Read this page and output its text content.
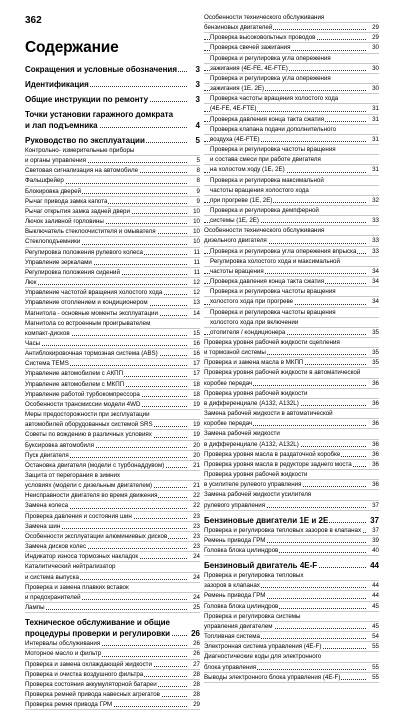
362
Содержание
Сокращения и условные обозначения 3
Идентификация	3
Общие инструкции по ремонту	3
Точки установки гаражного домкрата
и лап подъемника	4
Руководство по эксплуатации	5
Контрольно- измерительные приборы
и органы управления	5
Световая сигнализация на автомобиле	8
Фальшфейер	8
Блокировка дверей	9
Рычаг привода замка капота	9
Рычаг открытия замка задней двери	10
Лючок заливной горловины	10
Выключатель стеклоочистителя и омывателя	10
Стеклоподъемники	10
Регулировка положения рулевого колеса	11
Управление зеркалами	11
Регулировка положения сидений	11
Люк	12
Управление частотой вращения холостого хода	12
Управление отоплением и кондиционером	13
Магнитола - основные моменты эксплуатации	14
Магнитола со встроенным проигрывателем
компакт-дисков	15
Часы	16
Антиблокировочная тормозная система (ABS)	16
Система TEMS	17
Управление автомобилем с АКПП	17
Управление автомобилем с МКПП	18
Управление работой турбокомпрессора	18
Особенности трансмиссии модели 4WD	19
Меры предосторожности при эксплуатации
автомобилей оборудованных системой SRS	19
Советы по вождению в различных условиях	19
Буксировка автомобиля	20
Пуск двигателя	20
Остановка двигателя (модели с турбонаддувом)	21
Защита от перегорания в зимних
условиях (модели с дизельным двигателем)	21
Неисправности двигателя во время движения	22
Замена колеса	22
Проверка давления и состояния шин	23
Замена шин	23
Особенности эксплуатации алюминиевых дисков	23
Замена дисков колес	23
Индикатор износа тормозных накладок	24
Каталитический нейтрализатор
и система выпуска	24
Проверка и замена плавких вставок
и предохранителей	24
Лампы	25
Техническое обслуживание и общие
процедуры проверки и регулировки	26
Интервалы обслуживания	26
Моторное масло и фильтр	26
Проверка и замена охлаждающей жидкости	27
Проверка и очистка воздушного фильтра	28
Проверка состояния аккумуляторной батареи	28
Проверка ремней привода навесных агрегатов	28
Проверка ремня привода ГРМ	29
Особенности технического обслуживания
бензиновых двигателей	29
Проверка высоковольтных проводов	29
Проверка свечей зажигания	30
Проверка и регулировка угла опережения
зажигания (4E-FE, 4E-FTE)	30
Проверка и регулировка угла опережения
зажигания (1E, 2E)	30
Проверка частоты вращения холостого хода
(4E-FE, 4E-FTE)	31
Проверка давления конца такта сжатия	31
Проверка клапана подачи дополнительного
воздуха (4E-FTE)	31
Проверка и регулировка частоты вращения
и состава смеси при работе двигателя
на холостом ходу (1E, 2E)	31
Проверка и регулировка максимальной
частоты вращения холостого хода
при прогреве (1E, 2E)	32
Проверка и регулировка демпферной
системы (1E, 2E)	33
Особенности технического обслуживания
дизельного двигателя	33
Проверка и регулировка угла опережения впрыска	33
Регулировка холостого хода и максимальной
частоты вращения	34
Проверка давления конца такта сжатия	34
Проверка и регулировка частоты вращения
холостого хода при прогреве	34
Проверка и регулировка частоты вращения
холостого хода при включении
отопителя / кондиционера	35
Проверка уровня рабочей жидкости сцепления
и тормозной системы	35
Проверка и замена масла в МКПП	35
Проверка уровня рабочей жидкости в автоматической
коробке передач	36
Проверка уровня рабочей жидкости
в дифференциале (A132, A132L)	36
Замена рабочей жидкости в автоматической
коробке передач	36
Замена рабочей жидкости
в дифференциале (A132, A132L)	36
Проверка уровня масла в раздаточной коробке	36
Проверка уровня масла в редукторе заднего моста	36
Проверка уровня рабочей жидкости
в усилителе рулевого управления	36
Замена рабочей жидкости усилителя
рулевого управления	37
Бензиновые двигатели 1E и 2E	37
Проверка и регулировка тепловых зазоров в клапанах 37
Ремень привода ГРМ	39
Головка блока цилиндров	40
Бензиновый двигатель 4E-F	44
Проверка и регулировка тепловых
зазоров в клапанах	44
Ремень привода ГРМ	44
Головка блока цилиндров	45
Проверка и регулировка системы
управления двигателем	45
Топливная система	54
Электронная система управления (4E-F)	55
Диагностические коды для электронного
блока управления	55
Выводы электронного блока управления (4E-F)	55
